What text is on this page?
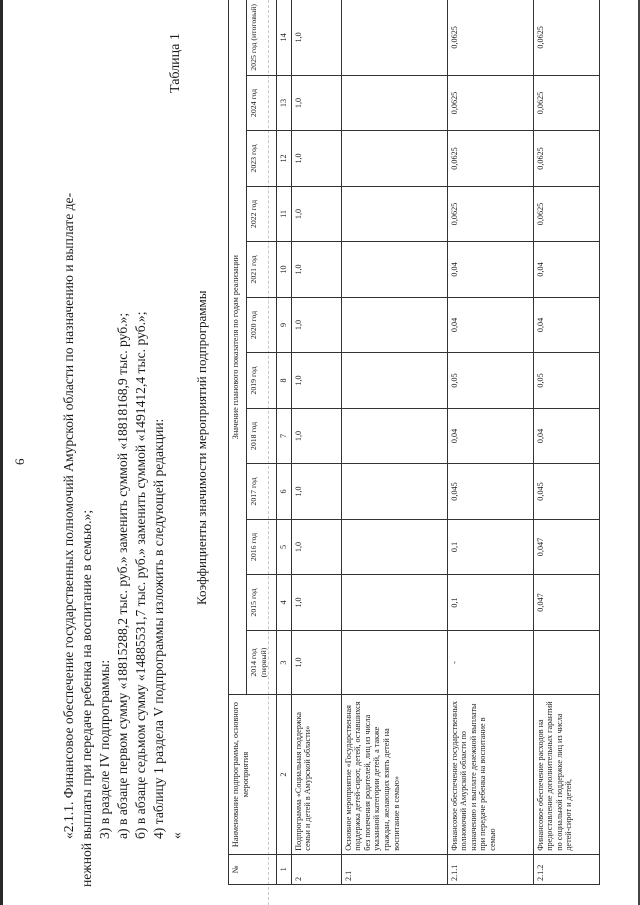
6	«2.1.1. Финансовое обеспечение государственных полномочий Амурской области по назначению и выплате де- нежной выплаты при передаче ребенка на воспитание в семью.»; 3) в разделе IV подпрограммы: а) в абзаце первом сумму «18815288,2 тыс. руб.» заменить суммой «18818168,9 тыс. руб.»; б) в абзаце седьмом сумму «14885531,7 тыс. руб.» заменить суммой «1491412,4 тыс. руб.»; 4) таблицу 1 раздела V подпрограммы изложить в следующей редакции: «
Таблица 1
Коэффициенты значимости мероприятий подпрограммы
№	Наименование подпрограммы, основного мероприятия	Значение планового показателя по годам реализации											
		2014 год (первый)	2015 год	2016 год	2017 год	2018 год	2019 год	2020 год	2021 год	2022 год	2023 год	2024 год	2025 год (итоговый)
1	2	3	4	5	6	7	8	9	10	11	12	13	14
2	Подпрограмма «Социальная поддержка семьи и детей в Амурской области»	1,0	1,0	1,0	1,0	1,0	1,0	1,0	1,0	1,0	1,0	1,0	1,0
2.1	Основное мероприятие «Государственная поддержка детей-сирот, детей, оставшихся без попечения родителей, лиц из числа указанной категории детей, а также граждан, желающих взять детей на воспитание в семью»												
2.1.1	Финансовое обеспечение государственных полномочий Амурской области по назначению и выплате денежной выплаты при передаче ребенка на воспитание в семью	-	0,1	0,1	0,045	0,04	0,05	0,04	0,04	0,0625	0,0625	0,0625	0,0625
2.1.2	Финансовое обеспечение расходов на предоставление дополнительных гарантий по социальной поддержке лиц из числа детей-сирот и детей,		0,047	0,047	0,045	0,04	0,05	0,04	0,04	0,0625	0,0625	0,0625	0,0625
